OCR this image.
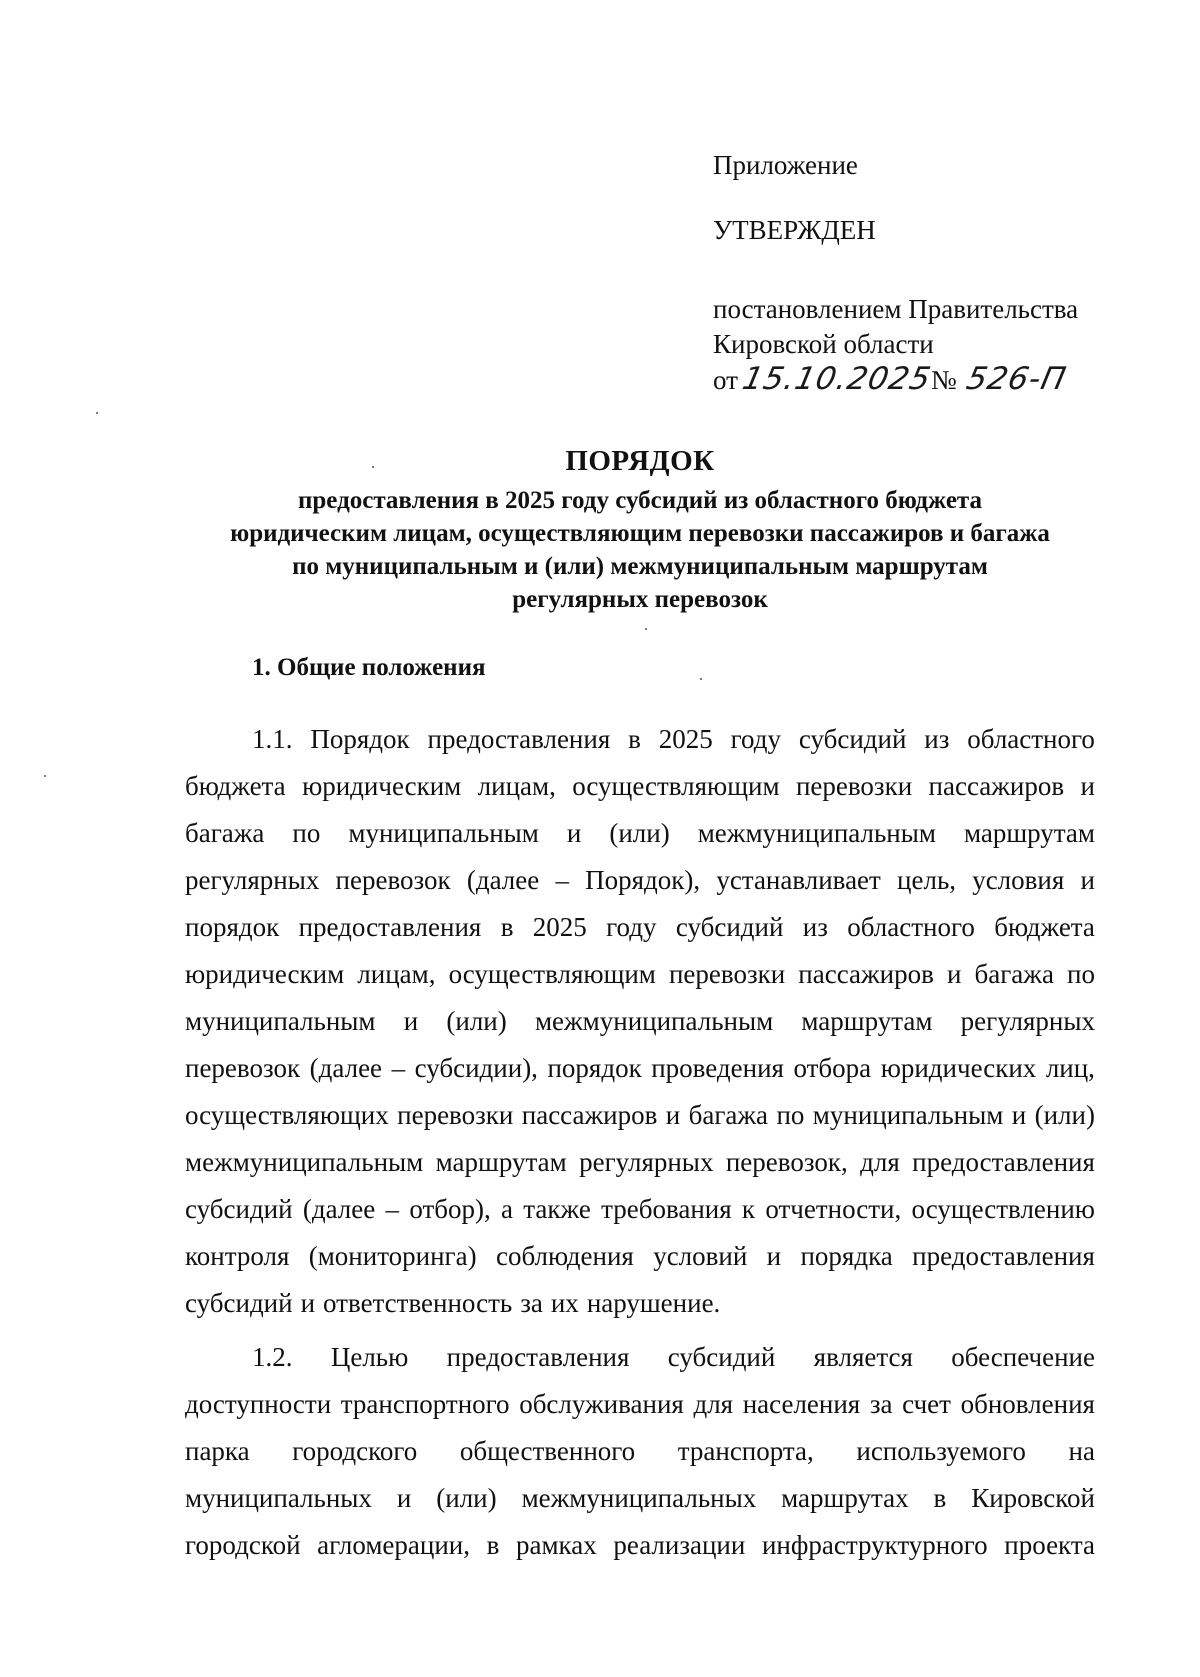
Приложение
УТВЕРЖДЕН
постановлением Правительства
Кировской области
от15.10.2025№ 526-П
ПОРЯДОК
предоставления в 2025 году субсидий из областного бюджета
юридическим лицам, осуществляющим перевозки пассажиров и багажа
по муниципальным и (или) межмуниципальным маршрутам
регулярных перевозок
1. Общие положения
1.1. Порядок предоставления в 2025 году субсидий из областного
бюджета юридическим лицам, осуществляющим перевозки пассажиров и
багажа по муниципальным и (или) межмуниципальным маршрутам
регулярных перевозок (далее – Порядок), устанавливает цель, условия и
порядок предоставления в 2025 году субсидий из областного бюджета
юридическим лицам, осуществляющим перевозки пассажиров и багажа по
муниципальным и (или) межмуниципальным маршрутам регулярных
перевозок (далее – субсидии), порядок проведения отбора юридических лиц,
осуществляющих перевозки пассажиров и багажа по муниципальным и (или)
межмуниципальным маршрутам регулярных перевозок, для предоставления
субсидий (далее – отбор), а также требования к отчетности, осуществлению
контроля (мониторинга) соблюдения условий и порядка предоставления
субсидий и ответственность за их нарушение.
1.2. Целью предоставления субсидий является обеспечение
доступности транспортного обслуживания для населения за счет обновления
парка городского общественного транспорта, используемого на
муниципальных и (или) межмуниципальных маршрутах в Кировской
городской агломерации, в рамках реализации инфраструктурного проекта
